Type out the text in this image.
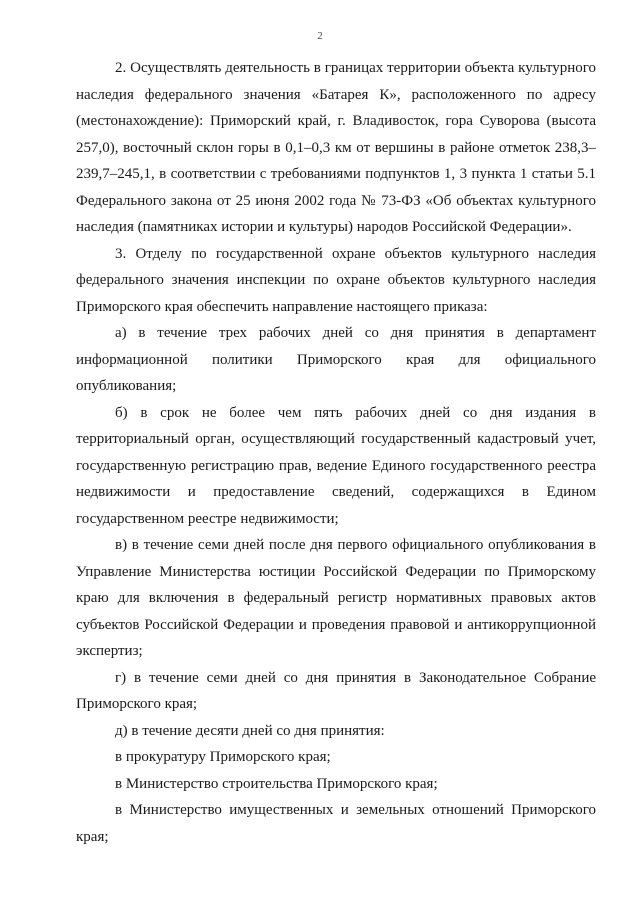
2

2. Осуществлять деятельность в границах территории объекта культурного наследия федерального значения «Батарея К», расположенного по адресу (местонахождение): Приморский край, г. Владивосток, гора Суворова (высота 257,0), восточный склон горы в 0,1–0,3 км от вершины в районе отметок 238,3–239,7–245,1, в соответствии с требованиями подпунктов 1, 3 пункта 1 статьи 5.1 Федерального закона от 25 июня 2002 года № 73-ФЗ «Об объектах культурного наследия (памятниках истории и культуры) народов Российской Федерации».

3. Отделу по государственной охране объектов культурного наследия федерального значения инспекции по охране объектов культурного наследия Приморского края обеспечить направление настоящего приказа:

а) в течение трех рабочих дней со дня принятия в департамент информационной политики Приморского края для официального опубликования;

б) в срок не более чем пять рабочих дней со дня издания в территориальный орган, осуществляющий государственный кадастровый учет, государственную регистрацию прав, ведение Единого государственного реестра недвижимости и предоставление сведений, содержащихся в Едином государственном реестре недвижимости;

в) в течение семи дней после дня первого официального опубликования в Управление Министерства юстиции Российской Федерации по Приморскому краю для включения в федеральный регистр нормативных правовых актов субъектов Российской Федерации и проведения правовой и антикоррупционной экспертиз;

г) в течение семи дней со дня принятия в Законодательное Собрание Приморского края;

д) в течение десяти дней со дня принятия:

в прокуратуру Приморского края;

в Министерство строительства Приморского края;

в Министерство имущественных и земельных отношений Приморского края;
